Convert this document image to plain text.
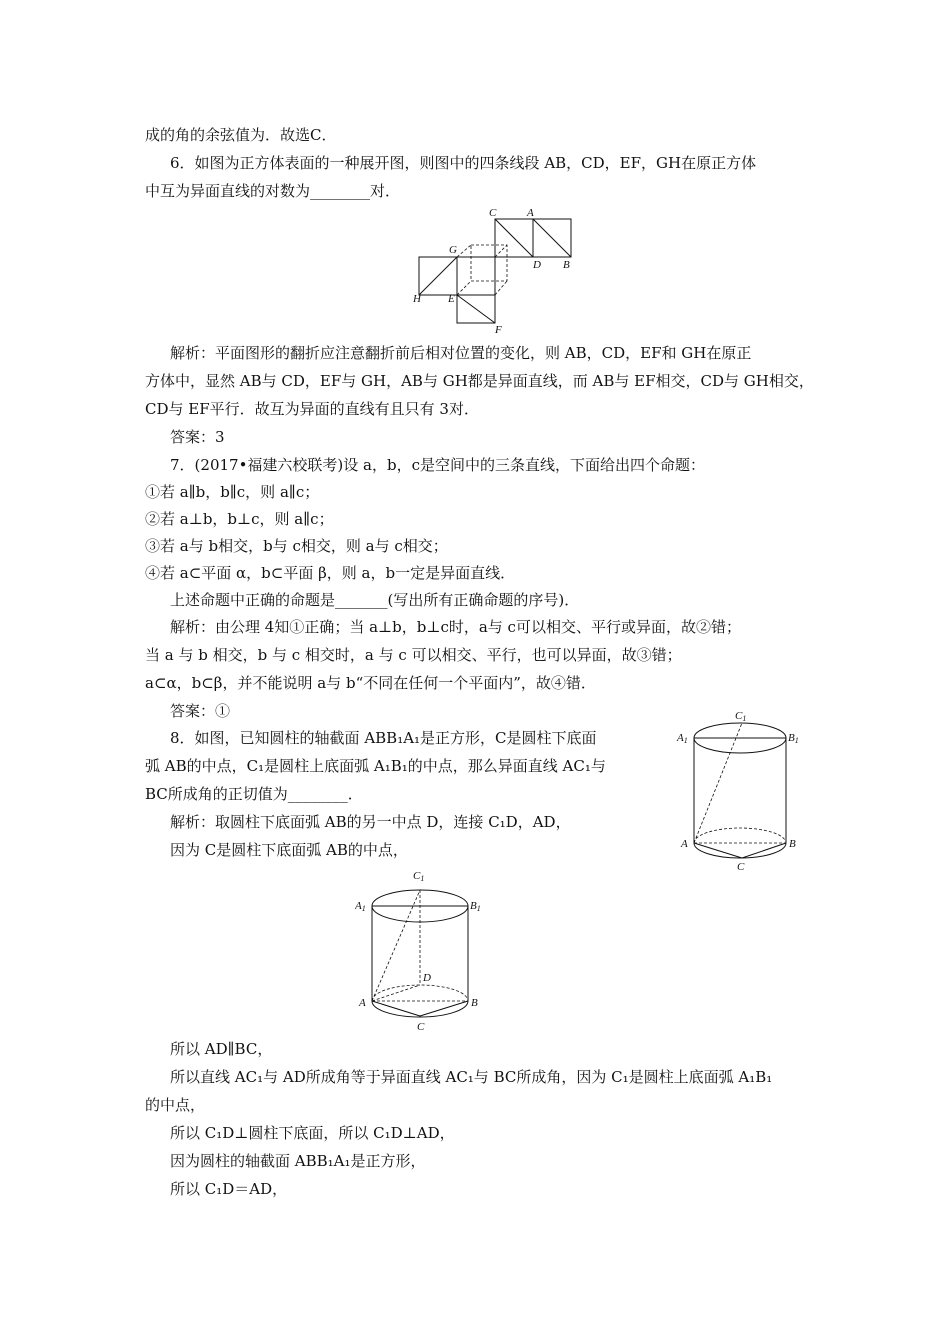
成的角的余弦值为．故选C．
6．如图为正方体表面的一种展开图，则图中的四条线段 AB，CD，EF，GH在原正方体
中互为异面直线的对数为________对．
C	A
G
D B
H E
F
解析：平面图形的翻折应注意翻折前后相对位置的变化，则 AB，CD，EF和 GH在原正
方体中，显然 AB与 CD，EF与 GH，AB与 GH都是异面直线，而 AB与 EF相交，CD与 GH相交，
CD与 EF平行．故互为异面的直线有且只有 3对．
答案：3
7．(2017•福建六校联考)设 a，b，c是空间中的三条直线，下面给出四个命题：
①若 a∥b，b∥c，则 a∥c；
②若 a⊥b，b⊥c，则 a∥c；
③若 a与 b相交，b与 c相交，则 a与 c相交；
④若 a⊂平面 α，b⊂平面 β，则 a，b一定是异面直线．
上述命题中正确的命题是_______(写出所有正确命题的序号)．
解析：由公理 4知①正确；当 a⊥b，b⊥c时，a与 c可以相交、平行或异面，故②错；
当 a 与 b 相交，b 与 c 相交时，a 与 c 可以相交、平行，也可以异面，故③错；
a⊂α，b⊂β，并不能说明 a与 b“不同在任何一个平面内”，故④错．
答案：①
8．如图，已知圆柱的轴截面 ABB₁A₁是正方形，C是圆柱下底面
弧 AB的中点，C₁是圆柱上底面弧 A₁B₁的中点，那么异面直线 AC₁与
BC所成角的正切值为________．
解析：取圆柱下底面弧 AB的另一中点 D，连接 C₁D，AD，
因为 C是圆柱下底面弧 AB的中点，
C1
A1	B1
A	B
C
C1
A1	B1
D
A	B
C
所以 AD∥BC，
所以直线 AC₁与 AD所成角等于异面直线 AC₁与 BC所成角，因为 C₁是圆柱上底面弧 A₁B₁
的中点，
所以 C₁D⊥圆柱下底面，所以 C₁D⊥AD，
因为圆柱的轴截面 ABB₁A₁是正方形，
所以 C₁D＝AD，
